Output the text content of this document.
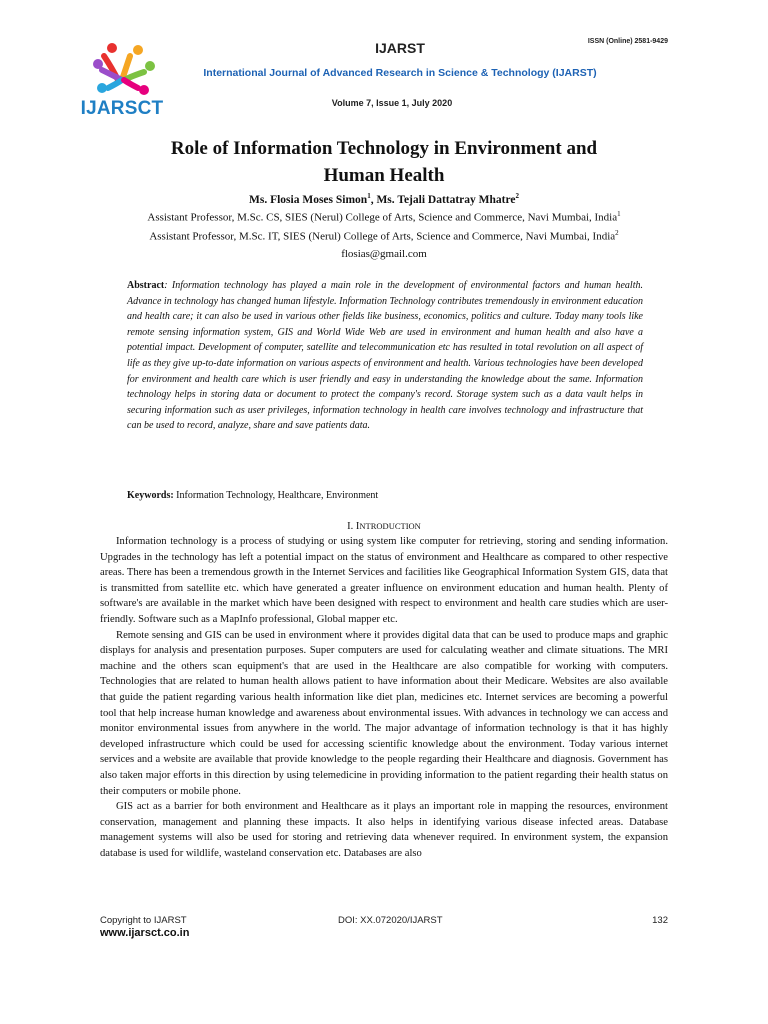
IJARSCT
ISSN (Online) 2581-9429
IJARST
International Journal of Advanced Research in Science & Technology (IJARST)
Volume 7, Issue 1, July 2020
Role of Information Technology in Environment and
Human Health
Ms. Flosia Moses Simon$^1$, Ms. Tejali Dattatray Mhatre$^2$
Assistant Professor, M.Sc. CS, SIES (Nerul) College of Arts, Science and Commerce, Navi Mumbai, India$^1$
Assistant Professor, M.Sc. IT, SIES (Nerul) College of Arts, Science and Commerce, Navi Mumbai, India$^2$
flosias@gmail.com
Abstract: Information technology has played a main role in the development of environmental factors and human health. Advance in technology has changed human lifestyle. Information Technology contributes tremendously in environment education and health care; it can also be used in various other fields like business, economics, politics and culture. Today many tools like remote sensing information system, GIS and World Wide Web are used in environment and human health and also have a potential impact. Development of computer, satellite and telecommunication etc has resulted in total revolution on all aspect of life as they give up-to-date information on various aspects of environment and health. Various technologies have been developed for environment and health care which is user friendly and easy in understanding the knowledge about the same. Information technology helps in storing data or document to protect the company's record. Storage system such as a data vault helps in securing information such as user privileges, information technology in health care involves technology and infrastructure that can be used to record, analyze, share and save patients data.
Keywords: Information Technology, Healthcare, Environment
I. INTRODUCTION

Information technology is a process of studying or using system like computer for retrieving, storing and sending information. Upgrades in the technology has left a potential impact on the status of environment and Healthcare as compared to other respective areas. There has been a tremendous growth in the Internet Services and facilities like Geographical Information System GIS, data that is transmitted from satellite etc. which have generated a greater influence on environment education and human health. Plenty of software's are available in the market which have been designed with respect to environment and health care studies which are user-friendly. Software such as a MapInfo professional, Global mapper etc.

Remote sensing and GIS can be used in environment where it provides digital data that can be used to produce maps and graphic displays for analysis and presentation purposes. Super computers are used for calculating weather and climate situations. The MRI machine and the others scan equipment's that are used in the Healthcare are also compatible for working with computers. Technologies that are related to human health allows patient to have information about their Medicare. Websites are also available that guide the patient regarding various health information like diet plan, medicines etc. Internet services are becoming a powerful tool that help increase human knowledge and awareness about environmental issues. With advances in technology we can access and monitor environmental issues from anywhere in the world. The major advantage of information technology is that it has highly developed infrastructure which could be used for accessing scientific knowledge about the environment. Today various internet services and a website are available that provide knowledge to the people regarding their Healthcare and diagnosis. Government has also taken major efforts in this direction by using telemedicine in providing information to the patient regarding their health status on their computers or mobile phone.

GIS act as a barrier for both environment and Healthcare as it plays an important role in mapping the resources, environment conservation, management and planning these impacts. It also helps in identifying various disease infected areas. Database management systems will also be used for storing and retrieving data whenever required. In environment system, the expansion database is used for wildlife, wasteland conservation etc. Databases are also

Copyright to IJARST	DOI: XX.072020/IJARST	132
www.ijarsct.co.in
